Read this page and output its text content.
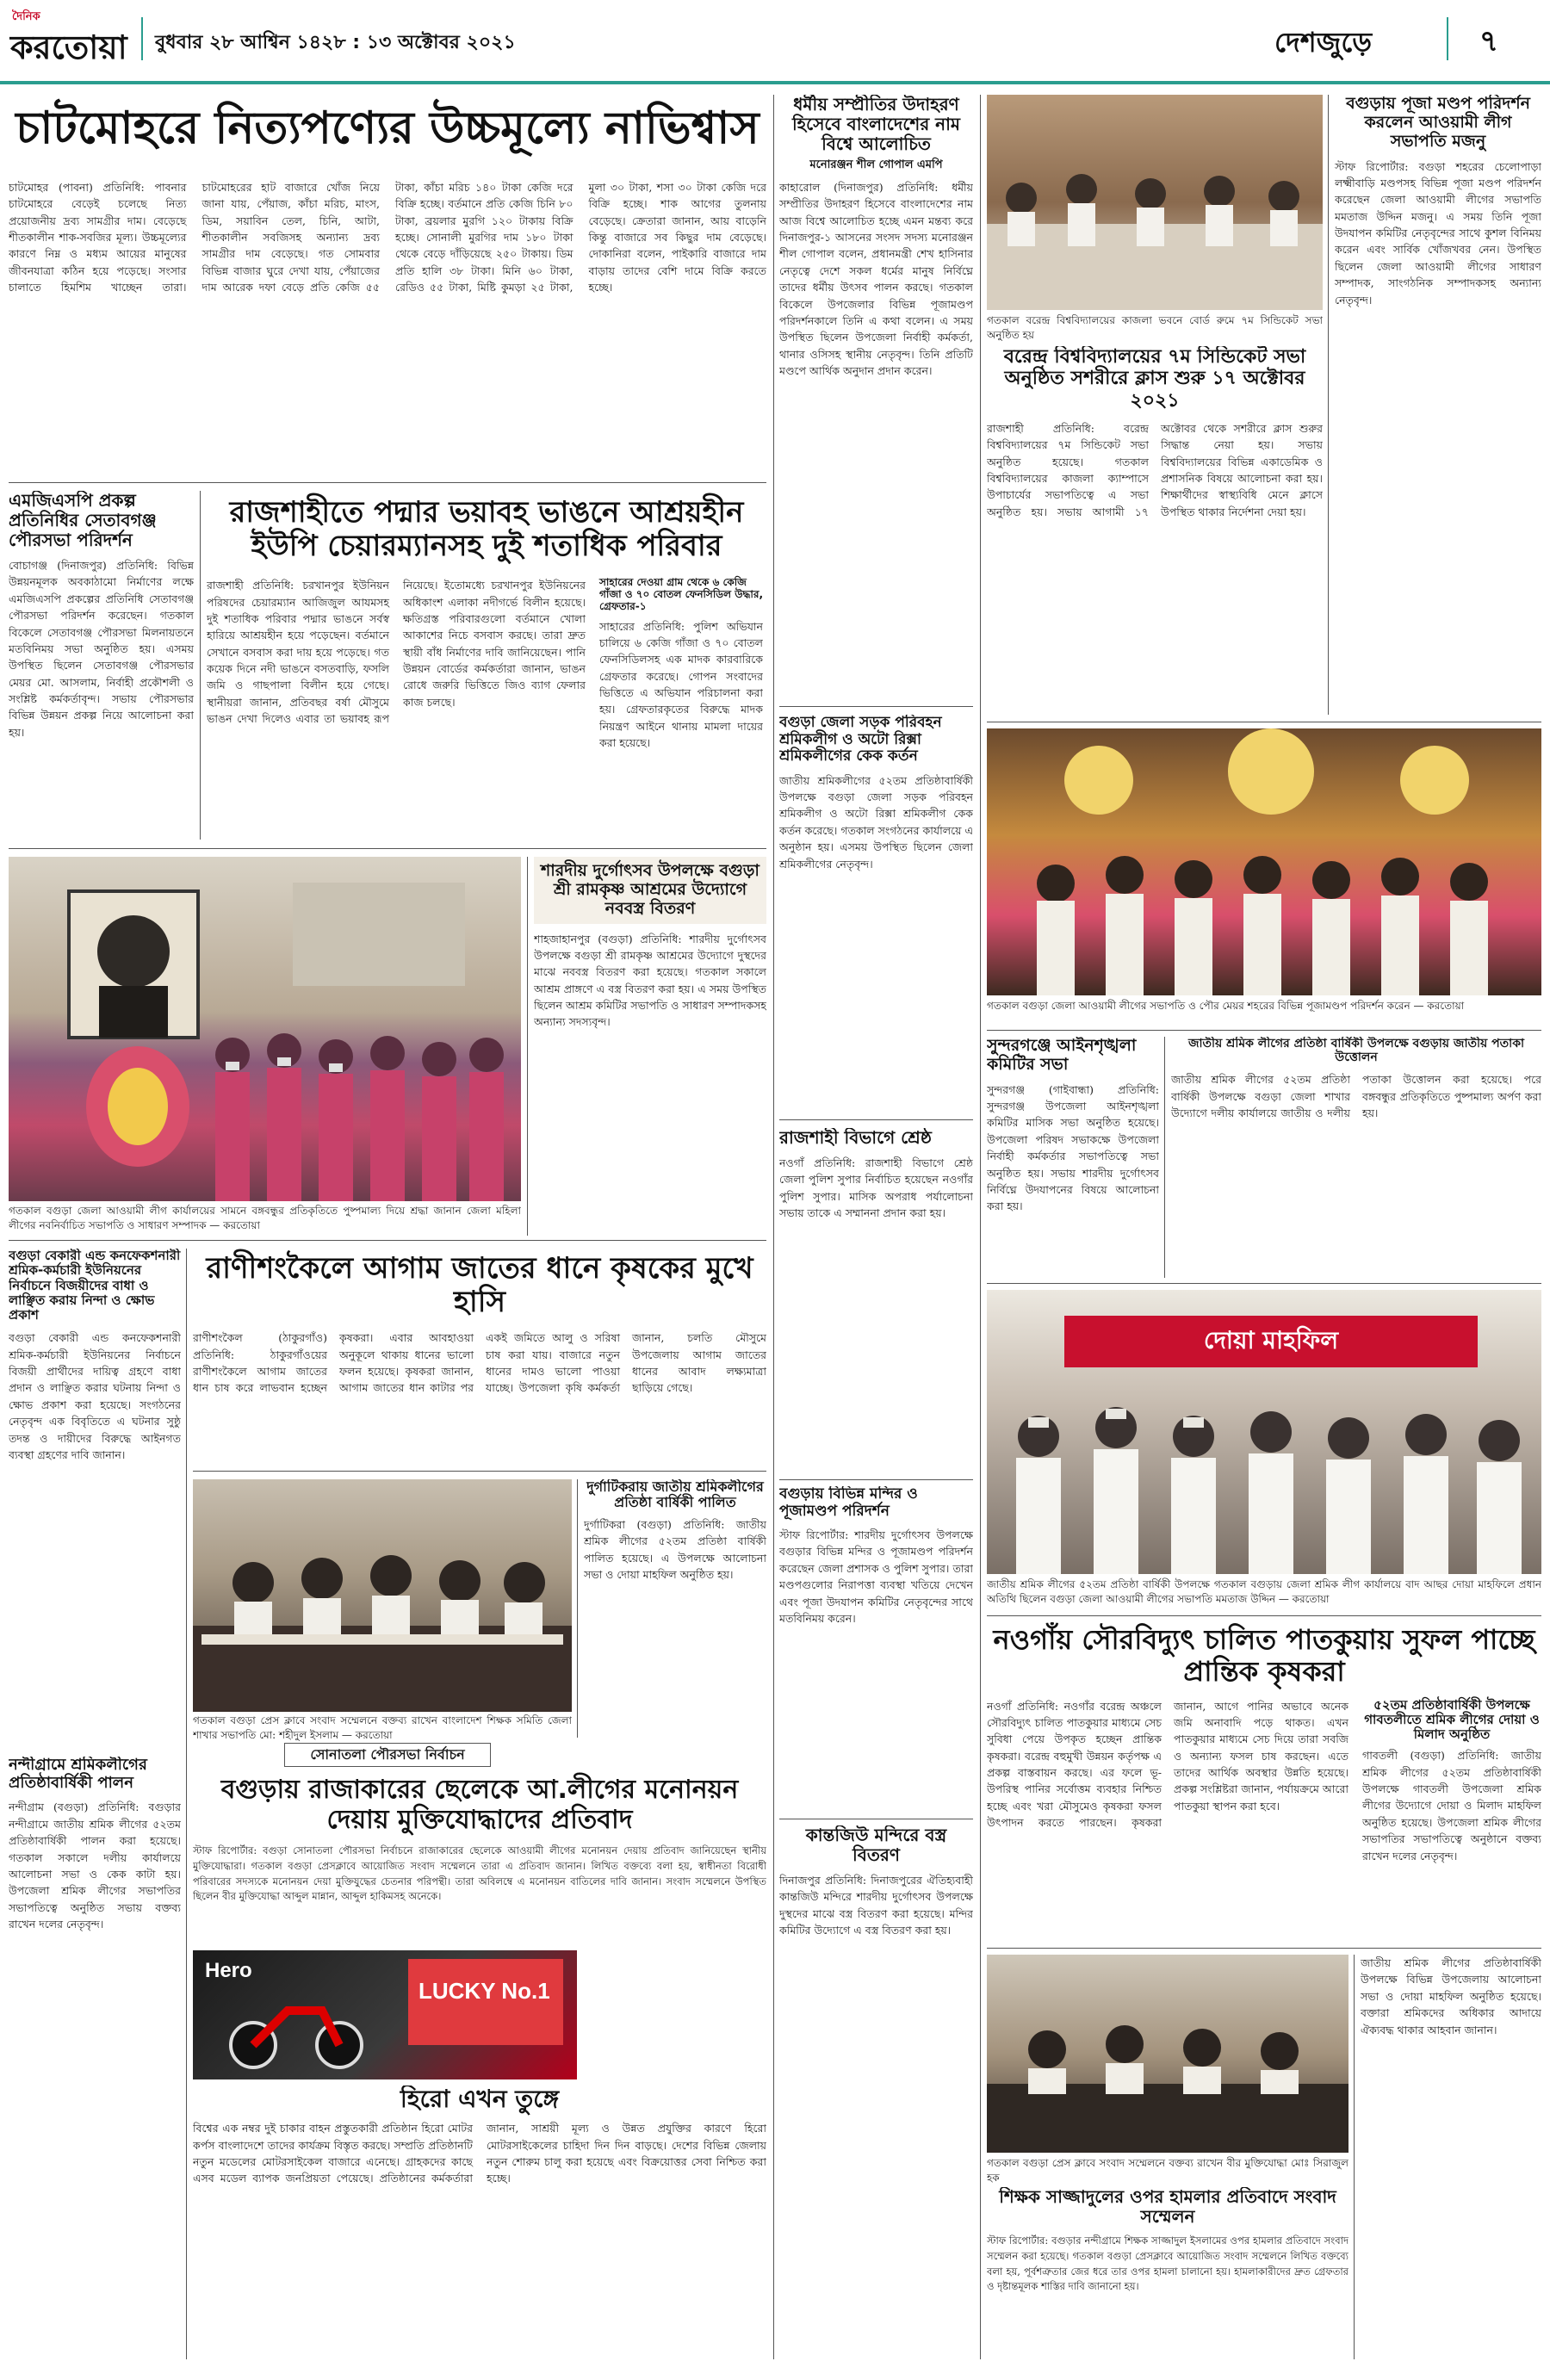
দৈনিক
করতোয়া বুধবার ২৮ আশ্বিন ১৪২৮ : ১৩ অক্টোবর ২০২১	দেশজুড়ে	৭
চাটমোহরে নিত্যপণ্যের উচ্চমূল্যে নাভিশ্বাস
চাটমোহর (পাবনা) প্রতিনিধি: পাবনার চাটমোহরে বেড়েই চলেছে নিত্য প্রয়োজনীয় দ্রব্য সামগ্রীর দাম। বেড়েছে শীতকালীন শাক-সবজির মূল্য। উচ্চমূল্যের কারণে নিম্ন ও মধ্যম আয়ের মানুষের জীবনযাত্রা কঠিন হয়ে পড়েছে। সংসার চালাতে হিমশিম খাচ্ছেন তারা। চাটমোহরের হাট বাজারে খোঁজ নিয়ে জানা যায়, পেঁয়াজ, কাঁচা মরিচ, মাংস, ডিম, সয়াবিন তেল, চিনি, আটা, শীতকালীন সবজিসহ অন্যান্য দ্রব্য সামগ্রীর দাম বেড়েছে। গত সোমবার বিভিন্ন বাজার ঘুরে দেখা যায়, পেঁয়াজের দাম আরেক দফা বেড়ে প্রতি কেজি ৫৫ টাকা, কাঁচা মরিচ ১৪০ টাকা কেজি দরে বিক্রি হচ্ছে। বর্তমানে প্রতি কেজি চিনি ৮০ টাকা, ব্রয়লার মুরগি ১২০ টাকায় বিক্রি হচ্ছে। সোনালী মুরগির দাম ১৮০ টাকা থেকে বেড়ে দাঁড়িয়েছে ২৫০ টাকায়। ডিম প্রতি হালি ৩৮ টাকা। মিনি ৬০ টাকা, রেডিও ৫৫ টাকা, মিষ্টি কুমড়া ২৫ টাকা, মুলা ৩০ টাকা, শসা ৩০ টাকা কেজি দরে বিক্রি হচ্ছে। শাক আগের তুলনায় বেড়েছে। ক্রেতারা জানান, আয় বাড়েনি কিন্তু বাজারে সব কিছুর দাম বেড়েছে। দোকানিরা বলেন, পাইকারি বাজারে দাম বাড়ায় তাদের বেশি দামে বিক্রি করতে হচ্ছে।
এমজিএসপি প্রকল্প প্রতিনিধির সেতাবগঞ্জ পৌরসভা পরিদর্শন
বোচাগঞ্জ (দিনাজপুর) প্রতিনিধি: বিভিন্ন উন্নয়নমূলক অবকাঠামো নির্মাণের লক্ষে এমজিএসপি প্রকল্পের প্রতিনিধি সেতাবগঞ্জ পৌরসভা পরিদর্শন করেছেন। গতকাল বিকেলে সেতাবগঞ্জ পৌরসভা মিলনায়তনে মতবিনিময় সভা অনুষ্ঠিত হয়। এসময় উপস্থিত ছিলেন সেতাবগঞ্জ পৌরসভার মেয়র মো. আসলাম, নির্বাহী প্রকৌশলী ও সংশ্লিষ্ট কর্মকর্তাবৃন্দ। সভায় পৌরসভার বিভিন্ন উন্নয়ন প্রকল্প নিয়ে আলোচনা করা হয়।
রাজশাহীতে পদ্মার ভয়াবহ ভাঙনে আশ্রয়হীন ইউপি চেয়ারম্যানসহ দুই শতাধিক পরিবার
রাজশাহী প্রতিনিধি: চরখানপুর ইউনিয়ন পরিষদের চেয়ারম্যান আজিজুল আযমসহ দুই শতাধিক পরিবার পদ্মার ভাঙনে সর্বস্ব হারিয়ে আশ্রয়হীন হয়ে পড়েছেন। বর্তমানে সেখানে বসবাস করা দায় হয়ে পড়েছে। গত কয়েক দিনে নদী ভাঙনে বসতবাড়ি, ফসলি জমি ও গাছপালা বিলীন হয়ে গেছে। স্থানীয়রা জানান, প্রতিবছর বর্ষা মৌসুমে ভাঙন দেখা দিলেও এবার তা ভয়াবহ রূপ নিয়েছে। ইতোমধ্যে চরখানপুর ইউনিয়নের অধিকাংশ এলাকা নদীগর্ভে বিলীন হয়েছে। ক্ষতিগ্রস্ত পরিবারগুলো বর্তমানে খোলা আকাশের নিচে বসবাস করছে। তারা দ্রুত স্থায়ী বাঁধ নির্মাণের দাবি জানিয়েছেন। পানি উন্নয়ন বোর্ডের কর্মকর্তারা জানান, ভাঙন রোধে জরুরি ভিত্তিতে জিও ব্যাগ ফেলার কাজ চলছে।
সাহারের দেওয়া গ্রাম থেকে ৬ কেজি গাঁজা ও ৭০ বোতল ফেনসিডিল উদ্ধার, গ্রেফতার-১
সাহারের প্রতিনিধি: পুলিশ অভিযান চালিয়ে ৬ কেজি গাঁজা ও ৭০ বোতল ফেনসিডিলসহ এক মাদক কারবারিকে গ্রেফতার করেছে। গোপন সংবাদের ভিত্তিতে এ অভিযান পরিচালনা করা হয়। গ্রেফতারকৃতের বিরুদ্ধে মাদক নিয়ন্ত্রণ আইনে থানায় মামলা দায়ের করা হয়েছে।
শারদীয় দুর্গোৎসব উপলক্ষে বগুড়া শ্রী রামকৃষ্ণ আশ্রমের উদ্যোগে নববস্ত্র বিতরণ
শাহজাহানপুর (বগুড়া) প্রতিনিধি: শারদীয় দুর্গোৎসব উপলক্ষে বগুড়া শ্রী রামকৃষ্ণ আশ্রমের উদ্যোগে দুস্থদের মাঝে নববস্ত্র বিতরণ করা হয়েছে। গতকাল সকালে আশ্রম প্রাঙ্গণে এ বস্ত্র বিতরণ করা হয়। এ সময় উপস্থিত ছিলেন আশ্রম কমিটির সভাপতি ও সাধারণ সম্পাদকসহ অন্যান্য সদস্যবৃন্দ।
গতকাল বগুড়া জেলা আওয়ামী লীগ কার্যালয়ের সামনে বঙ্গবন্ধুর প্রতিকৃতিতে পুষ্পমাল্য দিয়ে শ্রদ্ধা জানান জেলা মহিলা লীগের নবনির্বাচিত সভাপতি ও সাধারণ সম্পাদক — করতোয়া
বগুড়া বেকারী এন্ড কনফেকশনারী শ্রমিক-কর্মচারী ইউনিয়নের নির্বাচনে বিজয়ীদের বাধা ও লাঞ্ছিত করায় নিন্দা ও ক্ষোভ প্রকাশ
বগুড়া বেকারী এন্ড কনফেকশনারী শ্রমিক-কর্মচারী ইউনিয়নের নির্বাচনে বিজয়ী প্রার্থীদের দায়িত্ব গ্রহণে বাধা প্রদান ও লাঞ্ছিত করার ঘটনায় নিন্দা ও ক্ষোভ প্রকাশ করা হয়েছে। সংগঠনের নেতৃবৃন্দ এক বিবৃতিতে এ ঘটনার সুষ্ঠু তদন্ত ও দায়ীদের বিরুদ্ধে আইনগত ব্যবস্থা গ্রহণের দাবি জানান।
রাণীশংকৈলে আগাম জাতের ধানে কৃষকের মুখে হাসি
রাণীশংকৈল (ঠাকুরগাঁও) প্রতিনিধি: ঠাকুরগাঁওয়ের রাণীশংকৈলে আগাম জাতের ধান চাষ করে লাভবান হচ্ছেন কৃষকরা। এবার আবহাওয়া অনুকূলে থাকায় ধানের ভালো ফলন হয়েছে। কৃষকরা জানান, আগাম জাতের ধান কাটার পর একই জমিতে আলু ও সরিষা চাষ করা যায়। বাজারে নতুন ধানের দামও ভালো পাওয়া যাচ্ছে। উপজেলা কৃষি কর্মকর্তা জানান, চলতি মৌসুমে উপজেলায় আগাম জাতের ধানের আবাদ লক্ষ্যমাত্রা ছাড়িয়ে গেছে।
দুর্গাটিকরায় জাতীয় শ্রমিকলীগের প্রতিষ্ঠা বার্ষিকী পালিত
দুর্গাটিকরা (বগুড়া) প্রতিনিধি: জাতীয় শ্রমিক লীগের ৫২তম প্রতিষ্ঠা বার্ষিকী পালিত হয়েছে। এ উপলক্ষে আলোচনা সভা ও দোয়া মাহফিল অনুষ্ঠিত হয়।
গতকাল বগুড়া প্রেস ক্লাবে সংবাদ সম্মেলনে বক্তব্য রাখেন বাংলাদেশ শিক্ষক সমিতি জেলা শাখার সভাপতি মো: শহীদুল ইসলাম — করতোয়া
সোনাতলা পৌরসভা নির্বাচন
বগুড়ায় রাজাকারের ছেলেকে আ.লীগের মনোনয়ন দেয়ায় মুক্তিযোদ্ধাদের প্রতিবাদ
স্টাফ রিপোর্টার: বগুড়া সোনাতলা পৌরসভা নির্বাচনে রাজাকারের ছেলেকে আওয়ামী লীগের মনোনয়ন দেয়ায় প্রতিবাদ জানিয়েছেন স্থানীয় মুক্তিযোদ্ধারা। গতকাল বগুড়া প্রেসক্লাবে আয়োজিত সংবাদ সম্মেলনে তারা এ প্রতিবাদ জানান। লিখিত বক্তব্যে বলা হয়, স্বাধীনতা বিরোধী পরিবারের সদস্যকে মনোনয়ন দেয়া মুক্তিযুদ্ধের চেতনার পরিপন্থী। তারা অবিলম্বে এ মনোনয়ন বাতিলের দাবি জানান। সংবাদ সম্মেলনে উপস্থিত ছিলেন বীর মুক্তিযোদ্ধা আব্দুল মান্নান, আব্দুল হাকিমসহ অনেকে।
নন্দীগ্রামে শ্রমিকলীগের প্রতিষ্ঠাবার্ষিকী পালন
নন্দীগ্রাম (বগুড়া) প্রতিনিধি: বগুড়ার নন্দীগ্রামে জাতীয় শ্রমিক লীগের ৫২তম প্রতিষ্ঠাবার্ষিকী পালন করা হয়েছে। গতকাল সকালে দলীয় কার্যালয়ে আলোচনা সভা ও কেক কাটা হয়। উপজেলা শ্রমিক লীগের সভাপতির সভাপতিত্বে অনুষ্ঠিত সভায় বক্তব্য রাখেন দলের নেতৃবৃন্দ।
Hero
LUCKY No.1
হিরো এখন তুঙ্গে
বিশ্বের এক নম্বর দুই চাকার বাহন প্রস্তুতকারী প্রতিষ্ঠান হিরো মোটর কর্পস বাংলাদেশে তাদের কার্যক্রম বিস্তৃত করছে। সম্প্রতি প্রতিষ্ঠানটি নতুন মডেলের মোটরসাইকেল বাজারে এনেছে। গ্রাহকদের কাছে এসব মডেল ব্যাপক জনপ্রিয়তা পেয়েছে। প্রতিষ্ঠানের কর্মকর্তারা জানান, সাশ্রয়ী মূল্য ও উন্নত প্রযুক্তির কারণে হিরো মোটরসাইকেলের চাহিদা দিন দিন বাড়ছে। দেশের বিভিন্ন জেলায় নতুন শোরুম চালু করা হয়েছে এবং বিক্রয়োত্তর সেবা নিশ্চিত করা হচ্ছে।
ধর্মীয় সম্প্রীতির উদাহরণ হিসেবে বাংলাদেশের নাম বিশ্বে আলোচিত
মনোরঞ্জন শীল গোপাল এমপি
কাহারোল (দিনাজপুর) প্রতিনিধি: ধর্মীয় সম্প্রীতির উদাহরণ হিসেবে বাংলাদেশের নাম আজ বিশ্বে আলোচিত হচ্ছে এমন মন্তব্য করে দিনাজপুর-১ আসনের সংসদ সদস্য মনোরঞ্জন শীল গোপাল বলেন, প্রধানমন্ত্রী শেখ হাসিনার নেতৃত্বে দেশে সকল ধর্মের মানুষ নির্বিঘ্নে তাদের ধর্মীয় উৎসব পালন করছে। গতকাল বিকেলে উপজেলার বিভিন্ন পূজামণ্ডপ পরিদর্শনকালে তিনি এ কথা বলেন। এ সময় উপস্থিত ছিলেন উপজেলা নির্বাহী কর্মকর্তা, থানার ওসিসহ স্থানীয় নেতৃবৃন্দ। তিনি প্রতিটি মণ্ডপে আর্থিক অনুদান প্রদান করেন।
বগুড়া জেলা সড়ক পরিবহন শ্রমিকলীগ ও অটো রিক্সা শ্রমিকলীগের কেক কর্তন
জাতীয় শ্রমিকলীগের ৫২তম প্রতিষ্ঠাবার্ষিকী উপলক্ষে বগুড়া জেলা সড়ক পরিবহন শ্রমিকলীগ ও অটো রিক্সা শ্রমিকলীগ কেক কর্তন করেছে। গতকাল সংগঠনের কার্যালয়ে এ অনুষ্ঠান হয়। এসময় উপস্থিত ছিলেন জেলা শ্রমিকলীগের নেতৃবৃন্দ।
রাজশাহী বিভাগে শ্রেষ্ঠ
নওগাঁ প্রতিনিধি: রাজশাহী বিভাগে শ্রেষ্ঠ জেলা পুলিশ সুপার নির্বাচিত হয়েছেন নওগাঁর পুলিশ সুপার। মাসিক অপরাধ পর্যালোচনা সভায় তাকে এ সম্মাননা প্রদান করা হয়।
বগুড়ায় বিভিন্ন মন্দির ও পূজামণ্ডপ পরিদর্শন
স্টাফ রিপোর্টার: শারদীয় দুর্গোৎসব উপলক্ষে বগুড়ার বিভিন্ন মন্দির ও পূজামণ্ডপ পরিদর্শন করেছেন জেলা প্রশাসক ও পুলিশ সুপার। তারা মণ্ডপগুলোর নিরাপত্তা ব্যবস্থা খতিয়ে দেখেন এবং পূজা উদযাপন কমিটির নেতৃবৃন্দের সাথে মতবিনিময় করেন।
কান্তজিউ মন্দিরে বস্ত্র বিতরণ
দিনাজপুর প্রতিনিধি: দিনাজপুরের ঐতিহ্যবাহী কান্তজিউ মন্দিরে শারদীয় দুর্গোৎসব উপলক্ষে দুস্থদের মাঝে বস্ত্র বিতরণ করা হয়েছে। মন্দির কমিটির উদ্যোগে এ বস্ত্র বিতরণ করা হয়।
গতকাল বরেন্দ্র বিশ্ববিদ্যালয়ের কাজলা ভবনে বোর্ড রুমে ৭ম সিন্ডিকেট সভা অনুষ্ঠিত হয়
বগুড়ায় পূজা মণ্ডপ পরিদর্শন করলেন আওয়ামী লীগ সভাপতি মজনু
স্টাফ রিপোর্টার: বগুড়া শহরের চেলোপাড়া লক্ষ্মীবাড়ি মণ্ডপসহ বিভিন্ন পূজা মণ্ডপ পরিদর্শন করেছেন জেলা আওয়ামী লীগের সভাপতি মমতাজ উদ্দিন মজনু। এ সময় তিনি পূজা উদযাপন কমিটির নেতৃবৃন্দের সাথে কুশল বিনিময় করেন এবং সার্বিক খোঁজখবর নেন। উপস্থিত ছিলেন জেলা আওয়ামী লীগের সাধারণ সম্পাদক, সাংগঠনিক সম্পাদকসহ অন্যান্য নেতৃবৃন্দ।
বরেন্দ্র বিশ্ববিদ্যালয়ের ৭ম সিন্ডিকেট সভা অনুষ্ঠিত সশরীরে ক্লাস শুরু ১৭ অক্টোবর ২০২১
রাজশাহী প্রতিনিধি: বরেন্দ্র বিশ্ববিদ্যালয়ের ৭ম সিন্ডিকেট সভা অনুষ্ঠিত হয়েছে। গতকাল বিশ্ববিদ্যালয়ের কাজলা ক্যাম্পাসে উপাচার্যের সভাপতিত্বে এ সভা অনুষ্ঠিত হয়। সভায় আগামী ১৭ অক্টোবর থেকে সশরীরে ক্লাস শুরুর সিদ্ধান্ত নেয়া হয়। সভায় বিশ্ববিদ্যালয়ের বিভিন্ন একাডেমিক ও প্রশাসনিক বিষয়ে আলোচনা করা হয়। শিক্ষার্থীদের স্বাস্থ্যবিধি মেনে ক্লাসে উপস্থিত থাকার নির্দেশনা দেয়া হয়।
গতকাল বগুড়া জেলা আওয়ামী লীগের সভাপতি ও পৌর মেয়র শহরের বিভিন্ন পূজামণ্ডপ পরিদর্শন করেন — করতোয়া
সুন্দরগঞ্জে আইনশৃঙ্খলা কমিটির সভা
সুন্দরগঞ্জ (গাইবান্ধা) প্রতিনিধি: সুন্দরগঞ্জ উপজেলা আইনশৃঙ্খলা কমিটির মাসিক সভা অনুষ্ঠিত হয়েছে। উপজেলা পরিষদ সভাকক্ষে উপজেলা নির্বাহী কর্মকর্তার সভাপতিত্বে সভা অনুষ্ঠিত হয়। সভায় শারদীয় দুর্গোৎসব নির্বিঘ্নে উদযাপনের বিষয়ে আলোচনা করা হয়।
জাতীয় শ্রমিক লীগের প্রতিষ্ঠা বার্ষিকী উপলক্ষে বগুড়ায় জাতীয় পতাকা উত্তোলন
জাতীয় শ্রমিক লীগের ৫২তম প্রতিষ্ঠা বার্ষিকী উপলক্ষে বগুড়া জেলা শাখার উদ্যোগে দলীয় কার্যালয়ে জাতীয় ও দলীয় পতাকা উত্তোলন করা হয়েছে। পরে বঙ্গবন্ধুর প্রতিকৃতিতে পুষ্পমাল্য অর্পণ করা হয়।
দোয়া মাহফিল
জাতীয় শ্রমিক লীগের ৫২তম প্রতিষ্ঠা বার্ষিকী উপলক্ষে গতকাল বগুড়ায় জেলা শ্রমিক লীগ কার্যালয়ে বাদ আছর দোয়া মাহফিলে প্রধান অতিথি ছিলেন বগুড়া জেলা আওয়ামী লীগের সভাপতি মমতাজ উদ্দিন — করতোয়া
নওগাঁয় সৌরবিদ্যুৎ চালিত পাতকুয়ায় সুফল পাচ্ছে প্রান্তিক কৃষকরা
নওগাঁ প্রতিনিধি: নওগাঁর বরেন্দ্র অঞ্চলে সৌরবিদ্যুৎ চালিত পাতকুয়ার মাধ্যমে সেচ সুবিধা পেয়ে উপকৃত হচ্ছেন প্রান্তিক কৃষকরা। বরেন্দ্র বহুমুখী উন্নয়ন কর্তৃপক্ষ এ প্রকল্প বাস্তবায়ন করছে। এর ফলে ভূ-উপরিস্থ পানির সর্বোত্তম ব্যবহার নিশ্চিত হচ্ছে এবং খরা মৌসুমেও কৃষকরা ফসল উৎপাদন করতে পারছেন। কৃষকরা জানান, আগে পানির অভাবে অনেক জমি অনাবাদি পড়ে থাকত। এখন পাতকুয়ার মাধ্যমে সেচ দিয়ে তারা সবজি ও অন্যান্য ফসল চাষ করছেন। এতে তাদের আর্থিক অবস্থার উন্নতি হয়েছে। প্রকল্প সংশ্লিষ্টরা জানান, পর্যায়ক্রমে আরো পাতকুয়া স্থাপন করা হবে।
৫২তম প্রতিষ্ঠাবার্ষিকী উপলক্ষে গাবতলীতে শ্রমিক লীগের দোয়া ও মিলাদ অনুষ্ঠিত
গাবতলী (বগুড়া) প্রতিনিধি: জাতীয় শ্রমিক লীগের ৫২তম প্রতিষ্ঠাবার্ষিকী উপলক্ষে গাবতলী উপজেলা শ্রমিক লীগের উদ্যোগে দোয়া ও মিলাদ মাহফিল অনুষ্ঠিত হয়েছে। উপজেলা শ্রমিক লীগের সভাপতির সভাপতিত্বে অনুষ্ঠানে বক্তব্য রাখেন দলের নেতৃবৃন্দ।
গতকাল বগুড়া প্রেস ক্লাবে সংবাদ সম্মেলনে বক্তব্য রাখেন বীর মুক্তিযোদ্ধা মোঃ সিরাজুল হক
জাতীয় শ্রমিক লীগের প্রতিষ্ঠাবার্ষিকী উপলক্ষে বিভিন্ন উপজেলায় আলোচনা সভা ও দোয়া মাহফিল অনুষ্ঠিত হয়েছে। বক্তারা শ্রমিকদের অধিকার আদায়ে ঐক্যবদ্ধ থাকার আহবান জানান।
শিক্ষক সাজ্জাদুলের ওপর হামলার প্রতিবাদে সংবাদ সম্মেলন
স্টাফ রিপোর্টার: বগুড়ার নন্দীগ্রামে শিক্ষক সাজ্জাদুল ইসলামের ওপর হামলার প্রতিবাদে সংবাদ সম্মেলন করা হয়েছে। গতকাল বগুড়া প্রেসক্লাবে আয়োজিত সংবাদ সম্মেলনে লিখিত বক্তব্যে বলা হয়, পূর্বশত্রুতার জের ধরে তার ওপর হামলা চালানো হয়। হামলাকারীদের দ্রুত গ্রেফতার ও দৃষ্টান্তমূলক শাস্তির দাবি জানানো হয়।
